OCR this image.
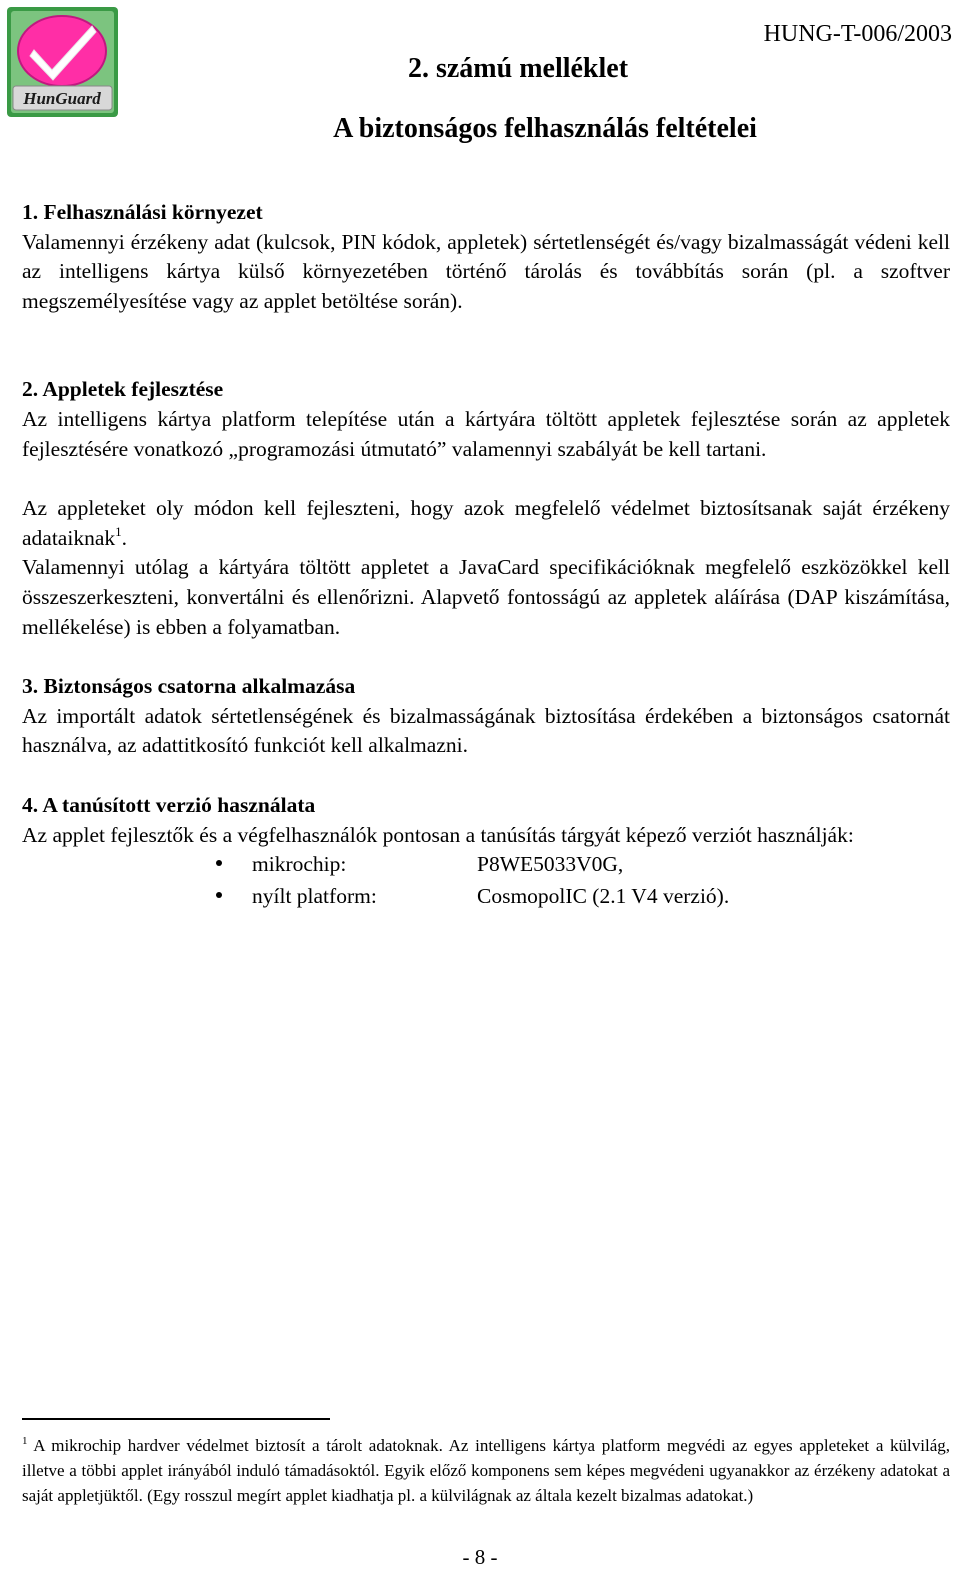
HunGuard
HUNG-T-006/2003
2. számú melléklet
A biztonságos felhasználás feltételei

1. Felhasználási környezet

Valamennyi érzékeny adat (kulcsok, PIN kódok, appletek) sértetlenségét és/vagy bizalmasságát védeni kell az intelligens kártya külső környezetében történő tárolás és továbbítás során (pl. a szoftver megszemélyesítése vagy az applet betöltése során).

2. Appletek fejlesztése

Az intelligens kártya platform telepítése után a kártyára töltött appletek fejlesztése során az appletek fejlesztésére vonatkozó „programozási útmutató” valamennyi szabályát be kell tartani.

Az appleteket oly módon kell fejleszteni, hogy azok megfelelő védelmet biztosítsanak saját érzékeny adataiknak$^1$.

Valamennyi utólag a kártyára töltött appletet a JavaCard specifikációknak megfelelő eszközökkel kell összeszerkeszteni, konvertálni és ellenőrizni. Alapvető fontosságú az appletek aláírása (DAP kiszámítása, mellékelése) is ebben a folyamatban.

3. Biztonságos csatorna alkalmazása

Az importált adatok sértetlenségének és bizalmasságának biztosítása érdekében a biztonságos csatornát használva, az adattitkosító funkciót kell alkalmazni.

4. A tanúsított verzió használata

Az applet fejlesztők és a végfelhasználók pontosan a tanúsítás tárgyát képező verziót használják:

mikrochip:	P8WE5033V0G,
nyílt platform:	CosmopolIC (2.1 V4 verzió).

$^1$ A mikrochip hardver védelmet biztosít a tárolt adatoknak. Az intelligens kártya platform megvédi az egyes appleteket a külvilág, illetve a többi applet irányából induló támadásoktól. Egyik előző komponens sem képes megvédeni ugyanakkor az érzékeny adatokat a saját appletjüktől. (Egy rosszul megírt applet kiadhatja pl. a külvilágnak az általa kezelt bizalmas adatokat.)

- 8 -
